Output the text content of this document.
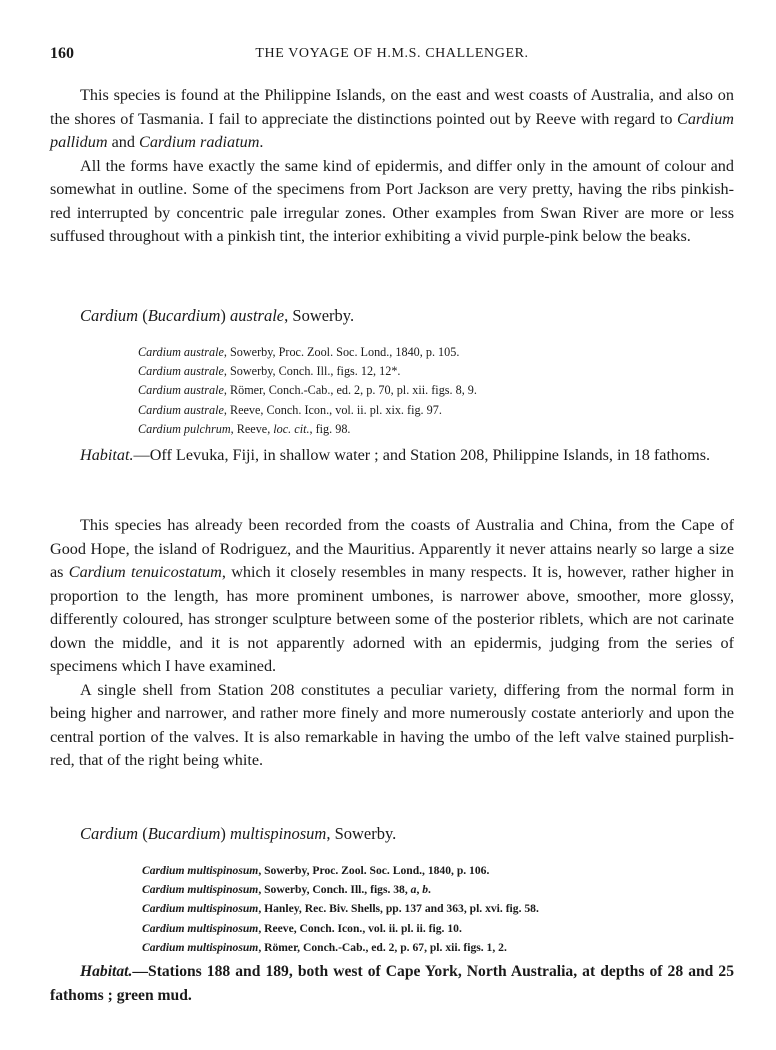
160	THE VOYAGE OF H.M.S. CHALLENGER.

This species is found at the Philippine Islands, on the east and west coasts of Australia, and also on the shores of Tasmania. I fail to appreciate the distinctions pointed out by Reeve with regard to Cardium pallidum and Cardium radiatum.

All the forms have exactly the same kind of epidermis, and differ only in the amount of colour and somewhat in outline. Some of the specimens from Port Jackson are very pretty, having the ribs pinkish-red interrupted by concentric pale irregular zones. Other examples from Swan River are more or less suffused throughout with a pinkish tint, the interior exhibiting a vivid purple-pink below the beaks.

Cardium (Bucardium) australe, Sowerby.
Cardium australe, Sowerby, Proc. Zool. Soc. Lond., 1840, p. 105.
Cardium australe, Sowerby, Conch. Ill., figs. 12, 12*.
Cardium australe, Römer, Conch.-Cab., ed. 2, p. 70, pl. xii. figs. 8, 9.
Cardium australe, Reeve, Conch. Icon., vol. ii. pl. xix. fig. 97.
Cardium pulchrum, Reeve, loc. cit., fig. 98.

Habitat.—Off Levuka, Fiji, in shallow water ; and Station 208, Philippine Islands, in 18 fathoms.

This species has already been recorded from the coasts of Australia and China, from the Cape of Good Hope, the island of Rodriguez, and the Mauritius. Apparently it never attains nearly so large a size as Cardium tenuicostatum, which it closely resembles in many respects. It is, however, rather higher in proportion to the length, has more prominent umbones, is narrower above, smoother, more glossy, differently coloured, has stronger sculpture between some of the posterior riblets, which are not carinate down the middle, and it is not apparently adorned with an epidermis, judging from the series of specimens which I have examined.

A single shell from Station 208 constitutes a peculiar variety, differing from the normal form in being higher and narrower, and rather more finely and more numerously costate anteriorly and upon the central portion of the valves. It is also remarkable in having the umbo of the left valve stained purplish-red, that of the right being white.

Cardium (Bucardium) multispinosum, Sowerby.
Cardium multispinosum, Sowerby, Proc. Zool. Soc. Lond., 1840, p. 106.
Cardium multispinosum, Sowerby, Conch. Ill., figs. 38, a, b.
Cardium multispinosum, Hanley, Rec. Biv. Shells, pp. 137 and 363, pl. xvi. fig. 58.
Cardium multispinosum, Reeve, Conch. Icon., vol. ii. pl. ii. fig. 10.
Cardium multispinosum, Römer, Conch.-Cab., ed. 2, p. 67, pl. xii. figs. 1, 2.

Habitat.—Stations 188 and 189, both west of Cape York, North Australia, at depths of 28 and 25 fathoms ; green mud.
